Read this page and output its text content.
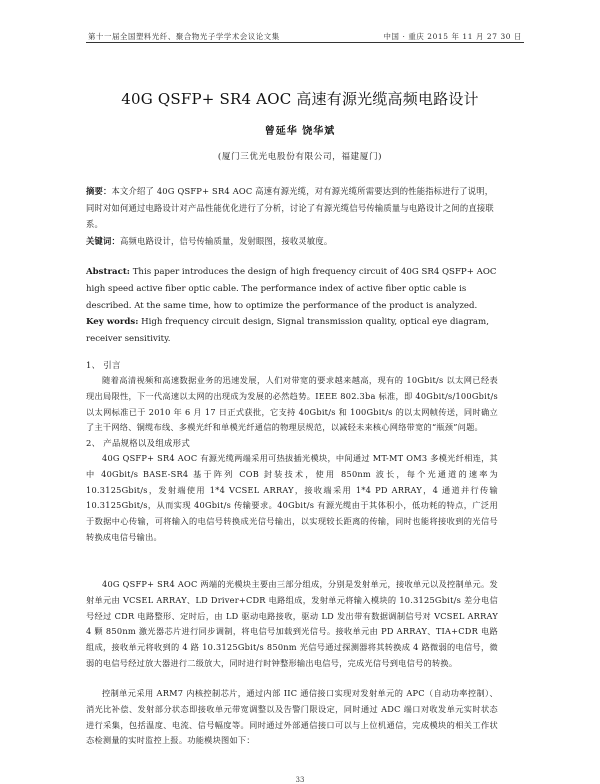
第十一届全国塑料光纤、聚合物光子学学术会议论文集	中国 · 重庆 2015 年 11 月 27 30 日
40G QSFP+ SR4 AOC 高速有源光缆高频电路设计
曾延华 饶华斌
(厦门三优光电股份有限公司，福建厦门)
摘要：本文介绍了 40G QSFP+ SR4 AOC 高速有源光缆，对有源光缆所需要达到的性能指标进行了说明，同时对如何通过电路设计对产品性能优化进行了分析，讨论了有源光缆信号传输质量与电路设计之间的直接联系。
关键词：高频电路设计，信号传输质量，发射眼图，接收灵敏度。
Abstract: This paper introduces the design of high frequency circuit of 40G SR4 QSFP+ AOC high speed active fiber optic cable. The performance index of active fiber optic cable is described. At the same time, how to optimize the performance of the product is analyzed.
Key words: High frequency circuit design, Signal transmission quality, optical eye diagram, receiver sensitivity.
1、 引言
随着高清视频和高速数据业务的迅速发展，人们对带宽的要求越来越高，现有的 10Gbit/s 以太网已经表现出局限性，下一代高速以太网的出现成为发展的必然趋势。IEEE 802.3ba 标准，即 40Gbit/s/100Gbit/s 以太网标准已于 2010 年 6 月 17 日正式获批，它支持 40Gbit/s 和 100Gbit/s 的以太网帧传送，同时确立了主干网络、铜缆布线、多模光纤和单模光纤通信的物理层规范，以减轻未来核心网络带宽的“瓶颈”问题。
2、 产品规格以及组成形式
40G QSFP+ SR4 AOC 有源光缆两端采用可热拔插光模块，中间通过 MT-MT OM3 多模光纤相连，其中 40Gbit/s BASE-SR4 基于阵列 COB 封装技术，使用 850nm 波长，每个光通道的速率为 10.3125Gbit/s，发射端使用 1*4 VCSEL ARRAY，接收端采用 1*4 PD ARRAY，4 通道并行传输 10.3125Gbit/s，从而实现 40Gbit/s 传输要求。40Gbit/s 有源光缆由于其体积小，低功耗的特点，广泛用于数据中心传输，可将输入的电信号转换成光信号输出，以实现较长距离的传输，同时也能将接收到的光信号转换成电信号输出。
40G QSFP+ SR4 AOC 两端的光模块主要由三部分组成，分别是发射单元，接收单元以及控制单元。发射单元由 VCSEL ARRAY、LD Driver+CDR 电路组成，发射单元将输入模块的 10.3125Gbit/s 差分电信号经过 CDR 电路整形、定时后，由 LD 驱动电路接收，驱动 LD 发出带有数据调制信号对 VCSEL ARRAY 4 颗 850nm 激光器芯片进行同步调制，将电信号加载到光信号。接收单元由 PD ARRAY、TIA+CDR 电路组成，接收单元将收到的 4 路 10.3125Gbit/s 850nm 光信号通过探测器将其转换成 4 路微弱的电信号，微弱的电信号经过放大器进行二级放大，同时进行时钟整形输出电信号，完成光信号到电信号的转换。
控制单元采用 ARM7 内核控制芯片，通过内部 IIC 通信接口实现对发射单元的 APC（自动功率控制）、消光比补偿、发射部分状态即接收单元带宽调整以及告警门限设定，同时通过 ADC 端口对收发单元实时状态进行采集，包括温度、电流、信号幅度等。同时通过外部通信接口可以与上位机通信，完成模块的相关工作状态检测量的实时监控上报。功能模块图如下：
33
